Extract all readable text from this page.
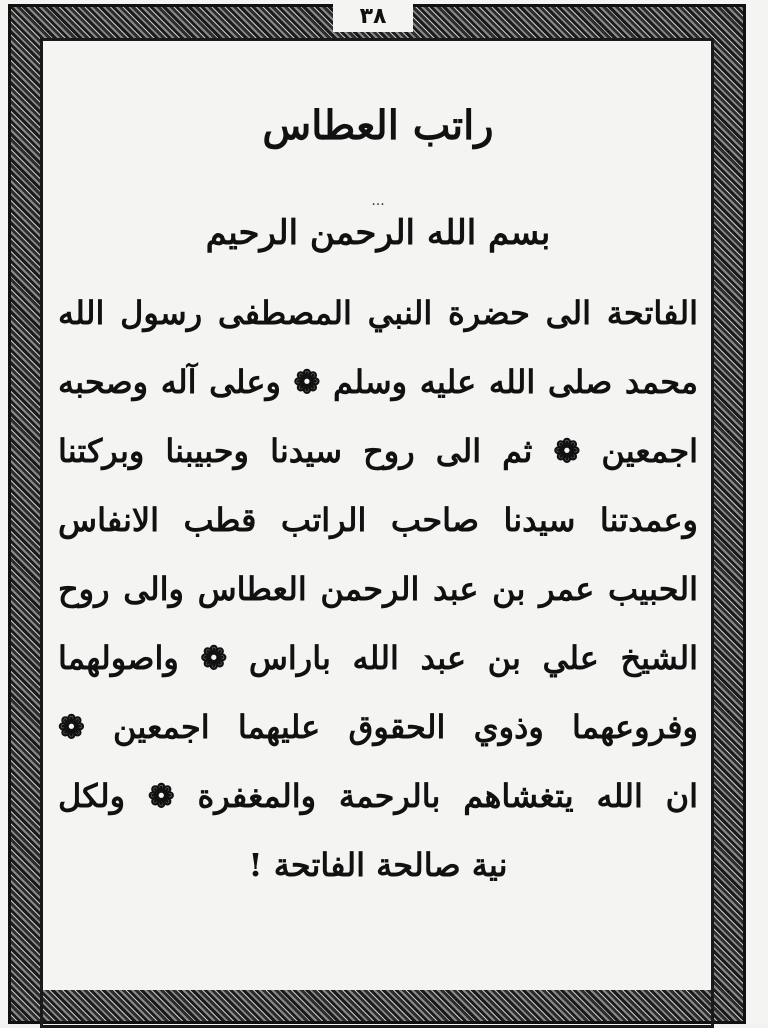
٣٨
راتب العطاس
...
بسم الله الرحمن الرحيم
الفاتحة الى حضرة النبي المصطفى رسول الله
محمد صلى الله عليه وسلم ❁ وعلى آله وصحبه
اجمعين ❁ ثم الى روح سيدنا وحبيبنا وبركتنا
وعمدتنا سيدنا صاحب الراتب قطب الانفاس
الحبيب عمر بن عبد الرحمن العطاس والى روح
الشيخ علي بن عبد الله باراس ❁ واصولهما
وفروعهما وذوي الحقوق عليهما اجمعين ❁
ان الله يتغشاهم بالرحمة والمغفرة ❁ ولكل
نية صالحة الفاتحة !
